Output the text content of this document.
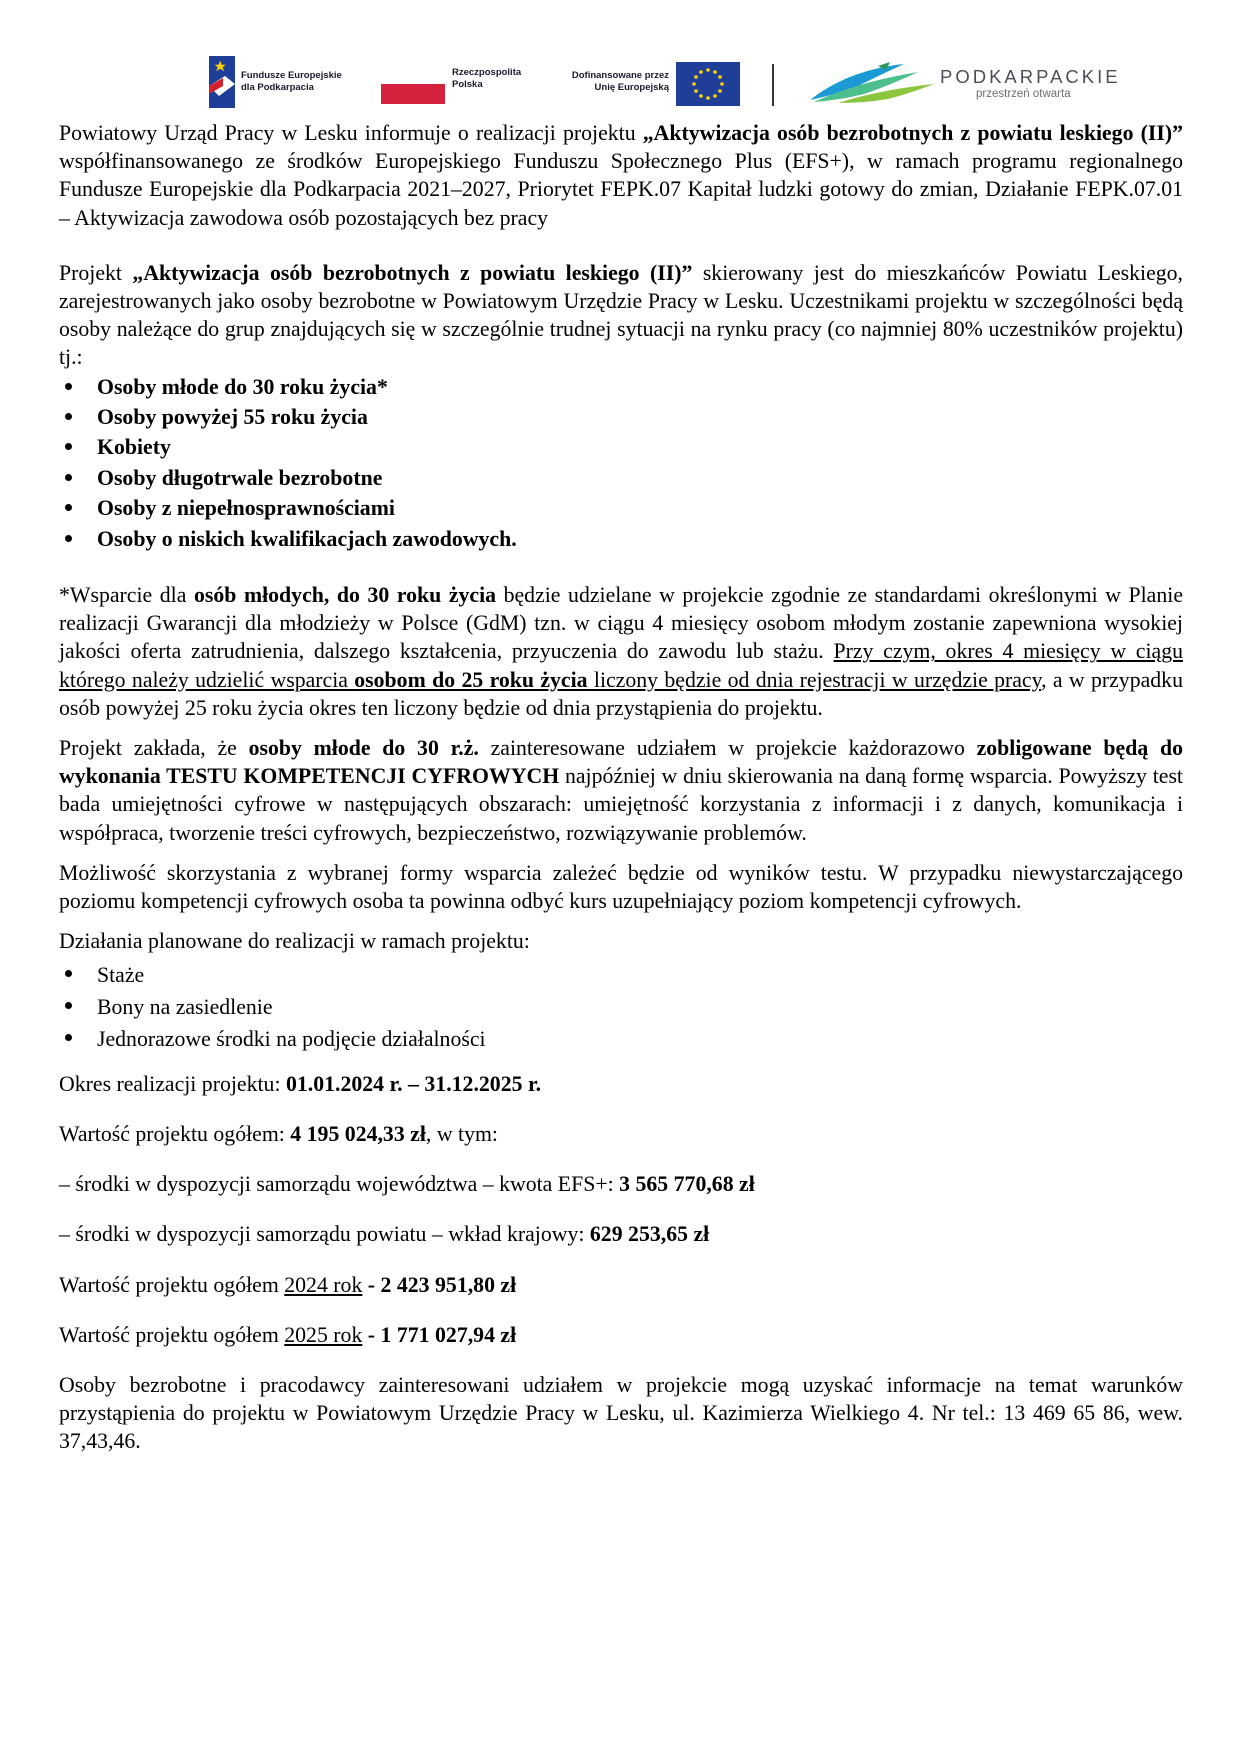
Fundusze Europejskie
dla Podkarpacia
Rzeczpospolita
Polska
Dofinansowane przez
Unię Europejską
PODKARPACKIE
przestrzeń otwarta

Powiatowy Urząd Pracy w Lesku informuje o realizacji projektu „Aktywizacja osób bezrobotnych z powiatu leskiego (II)” współfinansowanego ze środków Europejskiego Funduszu Społecznego Plus (EFS+), w ramach programu regionalnego Fundusze Europejskie dla Podkarpacia 2021–2027, Priorytet FEPK.07 Kapitał ludzki gotowy do zmian, Działanie FEPK.07.01 – Aktywizacja zawodowa osób pozostających bez pracy

Projekt „Aktywizacja osób bezrobotnych z powiatu leskiego (II)” skierowany jest do mieszkańców Powiatu Leskiego, zarejestrowanych jako osoby bezrobotne w Powiatowym Urzędzie Pracy w Lesku. Uczestnikami projektu w szczególności będą osoby należące do grup znajdujących się w szczególnie trudnej sytuacji na rynku pracy (co najmniej 80% uczestników projektu) tj.:

Osoby młode do 30 roku życia*
Osoby powyżej 55 roku życia
Kobiety
Osoby długotrwale bezrobotne
Osoby z niepełnosprawnościami
Osoby o niskich kwalifikacjach zawodowych.

*Wsparcie dla osób młodych, do 30 roku życia będzie udzielane w projekcie zgodnie ze standardami określonymi w Planie realizacji Gwarancji dla młodzieży w Polsce (GdM) tzn. w ciągu 4 miesięcy osobom młodym zostanie zapewniona wysokiej jakości oferta zatrudnienia, dalszego kształcenia, przyuczenia do zawodu lub stażu. Przy czym, okres 4 miesięcy w ciągu którego należy udzielić wsparcia osobom do 25 roku życia liczony będzie od dnia rejestracji w urzędzie pracy, a w przypadku osób powyżej 25 roku życia okres ten liczony będzie od dnia przystąpienia do projektu.

Projekt zakłada, że osoby młode do 30 r.ż. zainteresowane udziałem w projekcie każdorazowo zobligowane będą do wykonania TESTU KOMPETENCJI CYFROWYCH najpóźniej w dniu skierowania na daną formę wsparcia. Powyższy test bada umiejętności cyfrowe w następujących obszarach: umiejętność korzystania z informacji i z danych, komunikacja i współpraca, tworzenie treści cyfrowych, bezpieczeństwo, rozwiązywanie problemów.

Możliwość skorzystania z wybranej formy wsparcia zależeć będzie od wyników testu. W przypadku niewystarczającego poziomu kompetencji cyfrowych osoba ta powinna odbyć kurs uzupełniający poziom kompetencji cyfrowych.

Działania planowane do realizacji w ramach projektu:

Staże
Bony na zasiedlenie
Jednorazowe środki na podjęcie działalności

Okres realizacji projektu: 01.01.2024 r. – 31.12.2025 r.

Wartość projektu ogółem: 4 195 024,33 zł, w tym:

– środki w dyspozycji samorządu województwa – kwota EFS+: 3 565 770,68 zł

– środki w dyspozycji samorządu powiatu – wkład krajowy: 629 253,65 zł

Wartość projektu ogółem 2024 rok - 2 423 951,80 zł

Wartość projektu ogółem 2025 rok - 1 771 027,94 zł

Osoby bezrobotne i pracodawcy zainteresowani udziałem w projekcie mogą uzyskać informacje na temat warunków przystąpienia do projektu w Powiatowym Urzędzie Pracy w Lesku, ul. Kazimierza Wielkiego 4. Nr tel.: 13 469 65 86, wew. 37,43,46.
